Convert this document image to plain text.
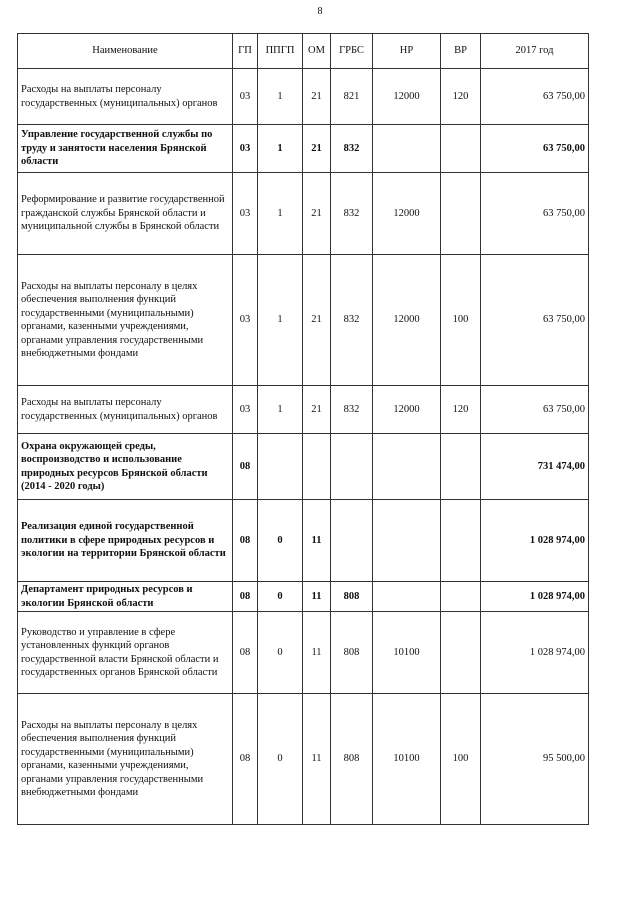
8
Наименование	ГП	ППГП	ОМ	ГРБС	НР	ВР	2017 год
Расходы на выплаты персоналу государственных (муниципальных) органов	03	1	21	821	12000	120	63 750,00
Управление государственной службы по труду и занятости населения Брянской области	03	1	21	832			63 750,00
Реформирование и развитие государственной гражданской службы Брянской области и муниципальной службы в Брянской области	03	1	21	832	12000		63 750,00
Расходы на выплаты персоналу в целях обеспечения выполнения функций государственными (муниципальными) органами, казенными учреждениями, органами управления государственными внебюджетными фондами	03	1	21	832	12000	100	63 750,00
Расходы на выплаты персоналу государственных (муниципальных) органов	03	1	21	832	12000	120	63 750,00
Охрана окружающей среды, воспроизводство и использование природных ресурсов Брянской области (2014 - 2020 годы)	08						731 474,00
Реализация единой государственной политики в сфере природных ресурсов и экологии на территории Брянской области	08	0	11				1 028 974,00
Департамент природных ресурсов и экологии Брянской области	08	0	11	808			1 028 974,00
Руководство и управление в сфере установленных функций органов государственной власти Брянской области и государственных органов Брянской области	08	0	11	808	10100		1 028 974,00
Расходы на выплаты персоналу в целях обеспечения выполнения функций государственными (муниципальными) органами, казенными учреждениями, органами управления государственными внебюджетными фондами	08	0	11	808	10100	100	95 500,00
